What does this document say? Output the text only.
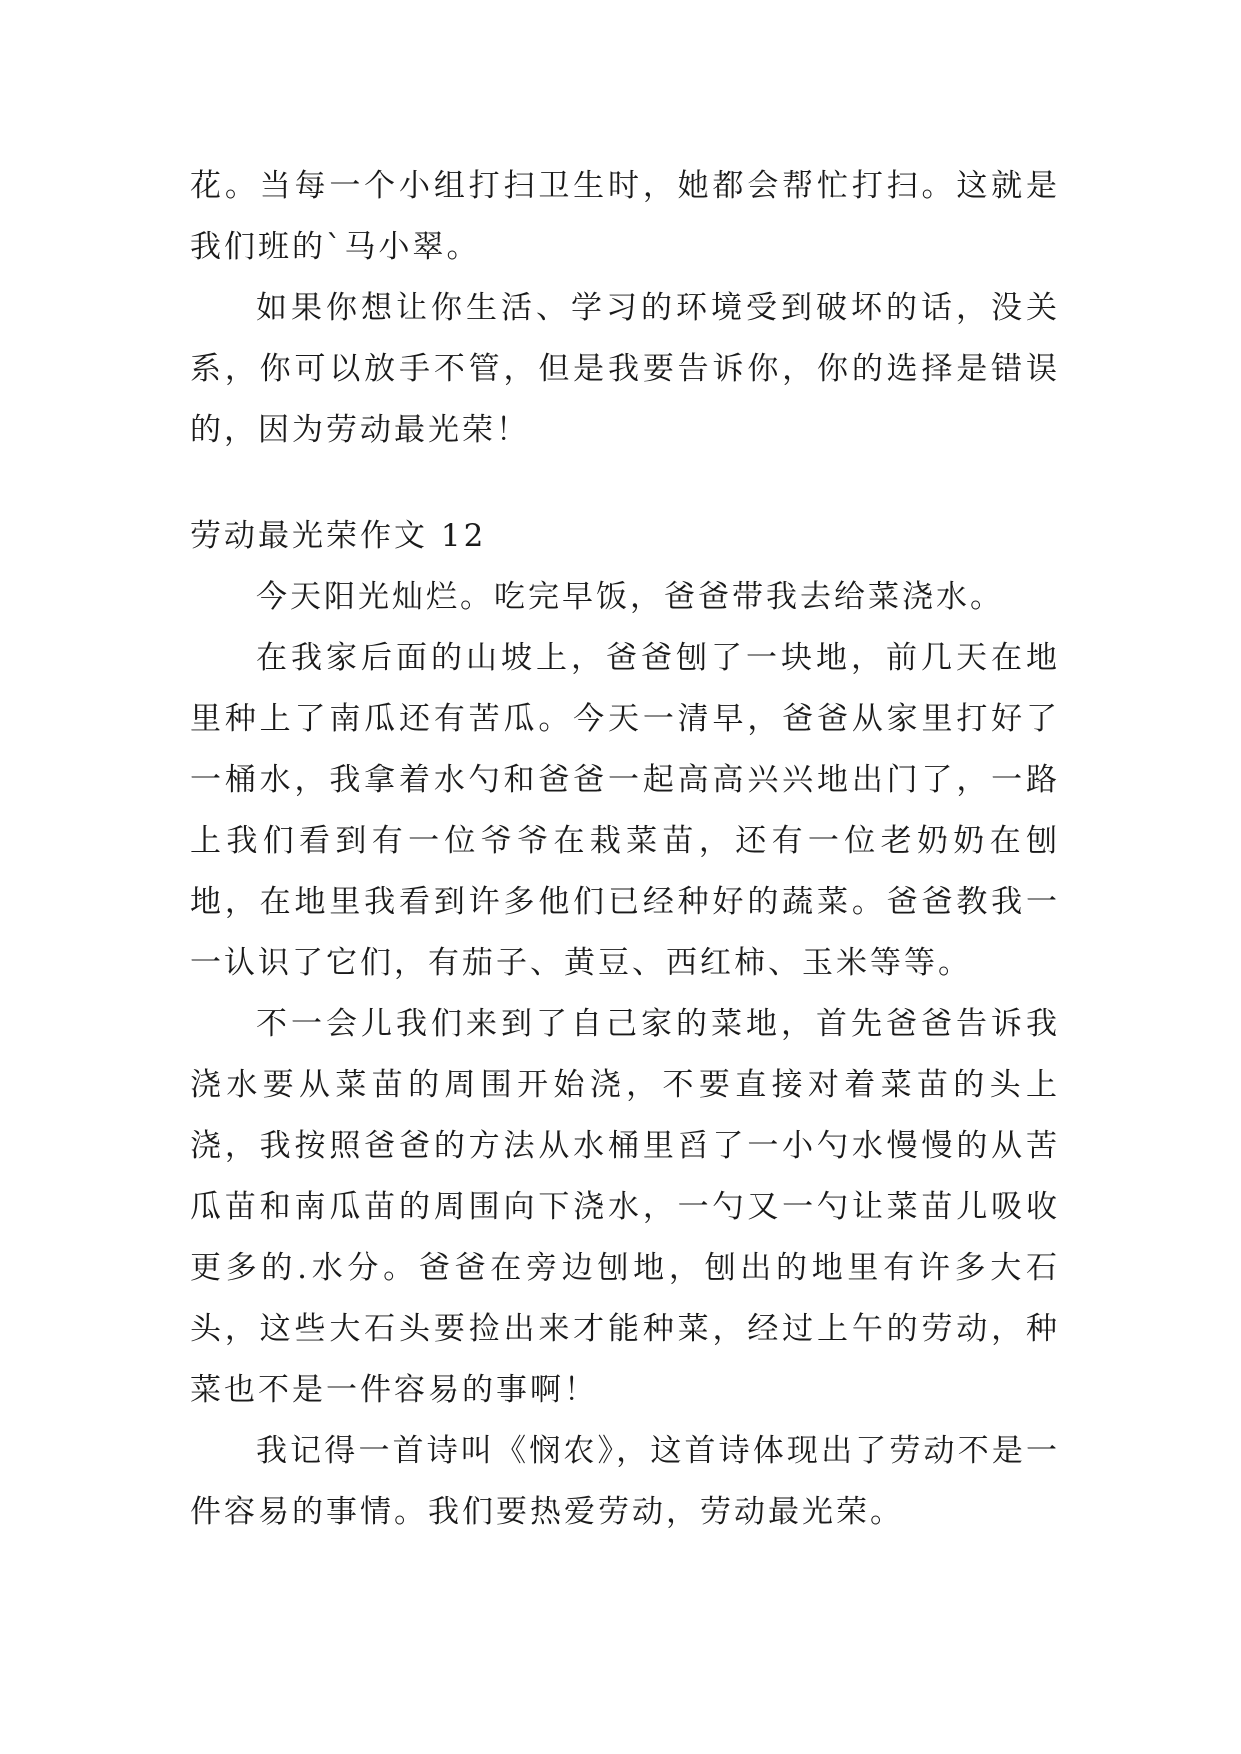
花。当每一个小组打扫卫生时，她都会帮忙打扫。这就是我们班的`马小翠。

如果你想让你生活、学习的环境受到破坏的话，没关系，你可以放手不管，但是我要告诉你，你的选择是错误的，因为劳动最光荣！

劳动最光荣作文 12

今天阳光灿烂。吃完早饭，爸爸带我去给菜浇水。

在我家后面的山坡上，爸爸刨了一块地，前几天在地里种上了南瓜还有苦瓜。今天一清早，爸爸从家里打好了一桶水，我拿着水勺和爸爸一起高高兴兴地出门了，一路上我们看到有一位爷爷在栽菜苗，还有一位老奶奶在刨地，在地里我看到许多他们已经种好的蔬菜。爸爸教我一一认识了它们，有茄子、黄豆、西红柿、玉米等等。

不一会儿我们来到了自己家的菜地，首先爸爸告诉我浇水要从菜苗的周围开始浇，不要直接对着菜苗的头上浇，我按照爸爸的方法从水桶里舀了一小勺水慢慢的从苦瓜苗和南瓜苗的周围向下浇水，一勺又一勺让菜苗儿吸收更多的.水分。爸爸在旁边刨地，刨出的地里有许多大石头，这些大石头要捡出来才能种菜，经过上午的劳动，种菜也不是一件容易的事啊！

我记得一首诗叫《悯农》，这首诗体现出了劳动不是一件容易的事情。我们要热爱劳动，劳动最光荣。
